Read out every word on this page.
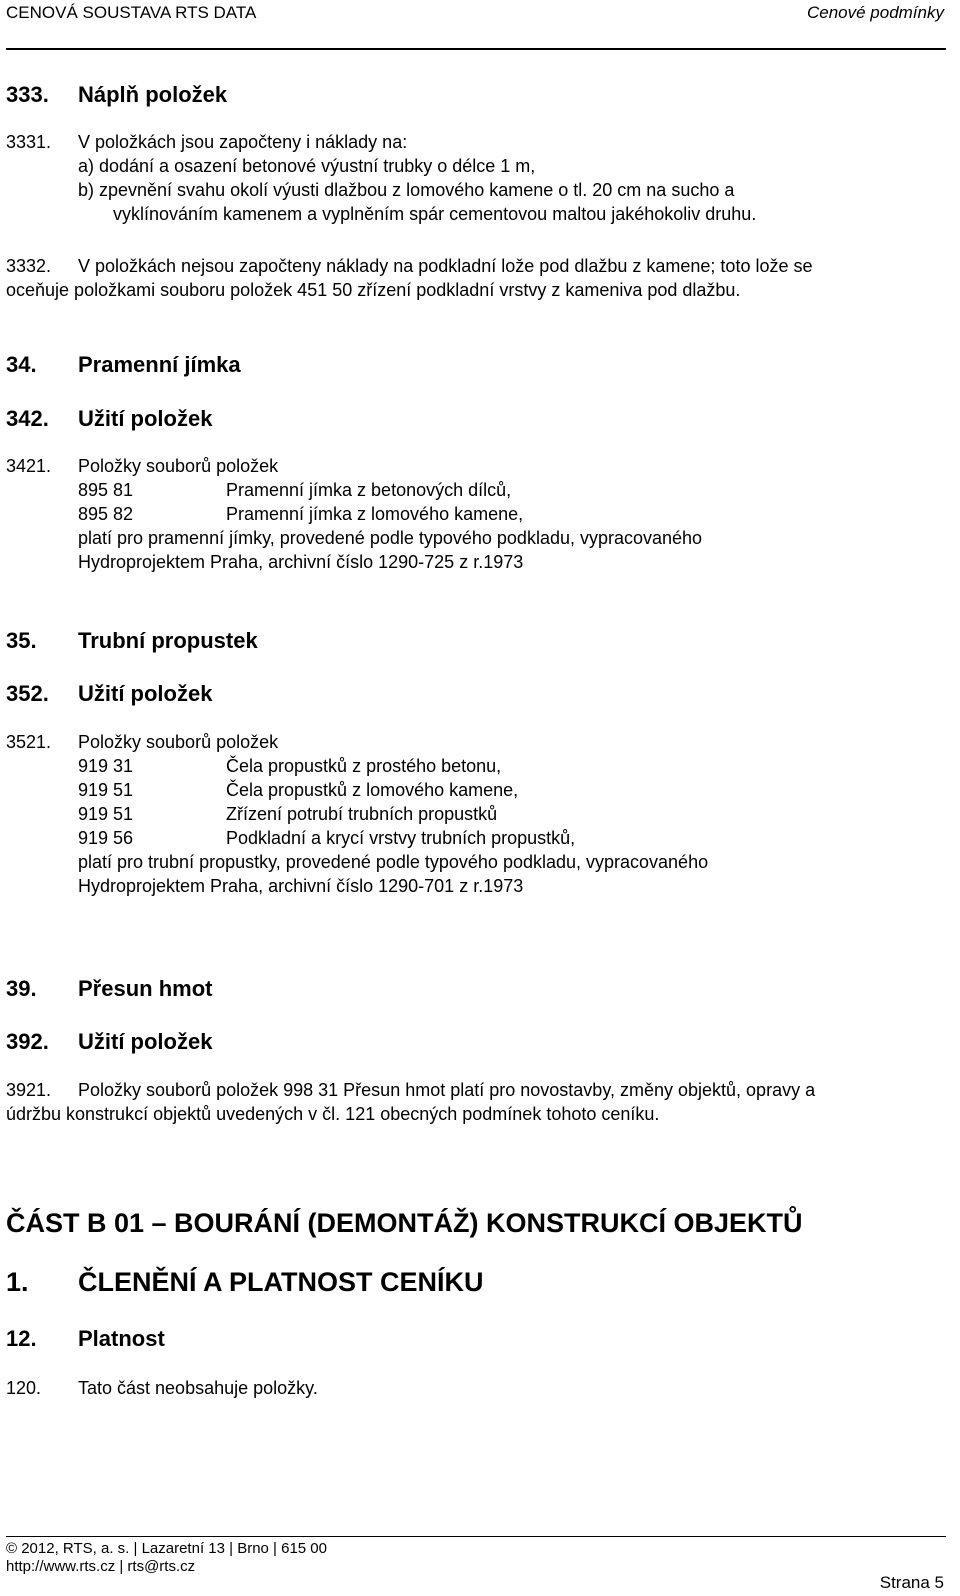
CENOVÁ SOUSTAVA RTS DATA	Cenové podmínky
333. Náplň položek
3331. V položkách jsou započteny i náklady na:
a) dodání a osazení betonové výustní trubky o délce 1 m,
b) zpevnění svahu okolí výusti dlažbou z lomového kamene o tl. 20 cm na sucho a
vyklínováním kamenem a vyplněním spár cementovou maltou jakéhokoliv druhu.
3332. V položkách nejsou započteny náklady na podkladní lože pod dlažbu z kamene; toto lože se
oceňuje položkami souboru položek 451 50 zřízení podkladní vrstvy z kameniva pod dlažbu.
34. Pramenní jímka
342. Užití položek
3421. Položky souborů položek
895 81	Pramenní jímka z betonových dílců,
895 82	Pramenní jímka z lomového kamene,
platí pro pramenní jímky, provedené podle typového podkladu, vypracovaného
Hydroprojektem Praha, archivní číslo 1290-725 z r.1973
35. Trubní propustek
352. Užití položek
3521. Položky souborů položek
919 31	Čela propustků z prostého betonu,
919 51	Čela propustků z lomového kamene,
919 51	Zřízení potrubí trubních propustků
919 56	Podkladní a krycí vrstvy trubních propustků,
platí pro trubní propustky, provedené podle typového podkladu, vypracovaného
Hydroprojektem Praha, archivní číslo 1290-701 z r.1973
39. Přesun hmot
392. Užití položek
3921. Položky souborů položek 998 31 Přesun hmot platí pro novostavby, změny objektů, opravy a
údržbu konstrukcí objektů uvedených v čl. 121 obecných podmínek tohoto ceníku.
ČÁST B 01 – BOURÁNÍ (DEMONTÁŽ) KONSTRUKCÍ OBJEKTŮ
1. ČLENĚNÍ A PLATNOST CENÍKU
12. Platnost
120. Tato část neobsahuje položky.
© 2012, RTS, a. s. | Lazaretní 13 | Brno | 615 00
http://www.rts.cz | rts@rts.cz
Strana 5
